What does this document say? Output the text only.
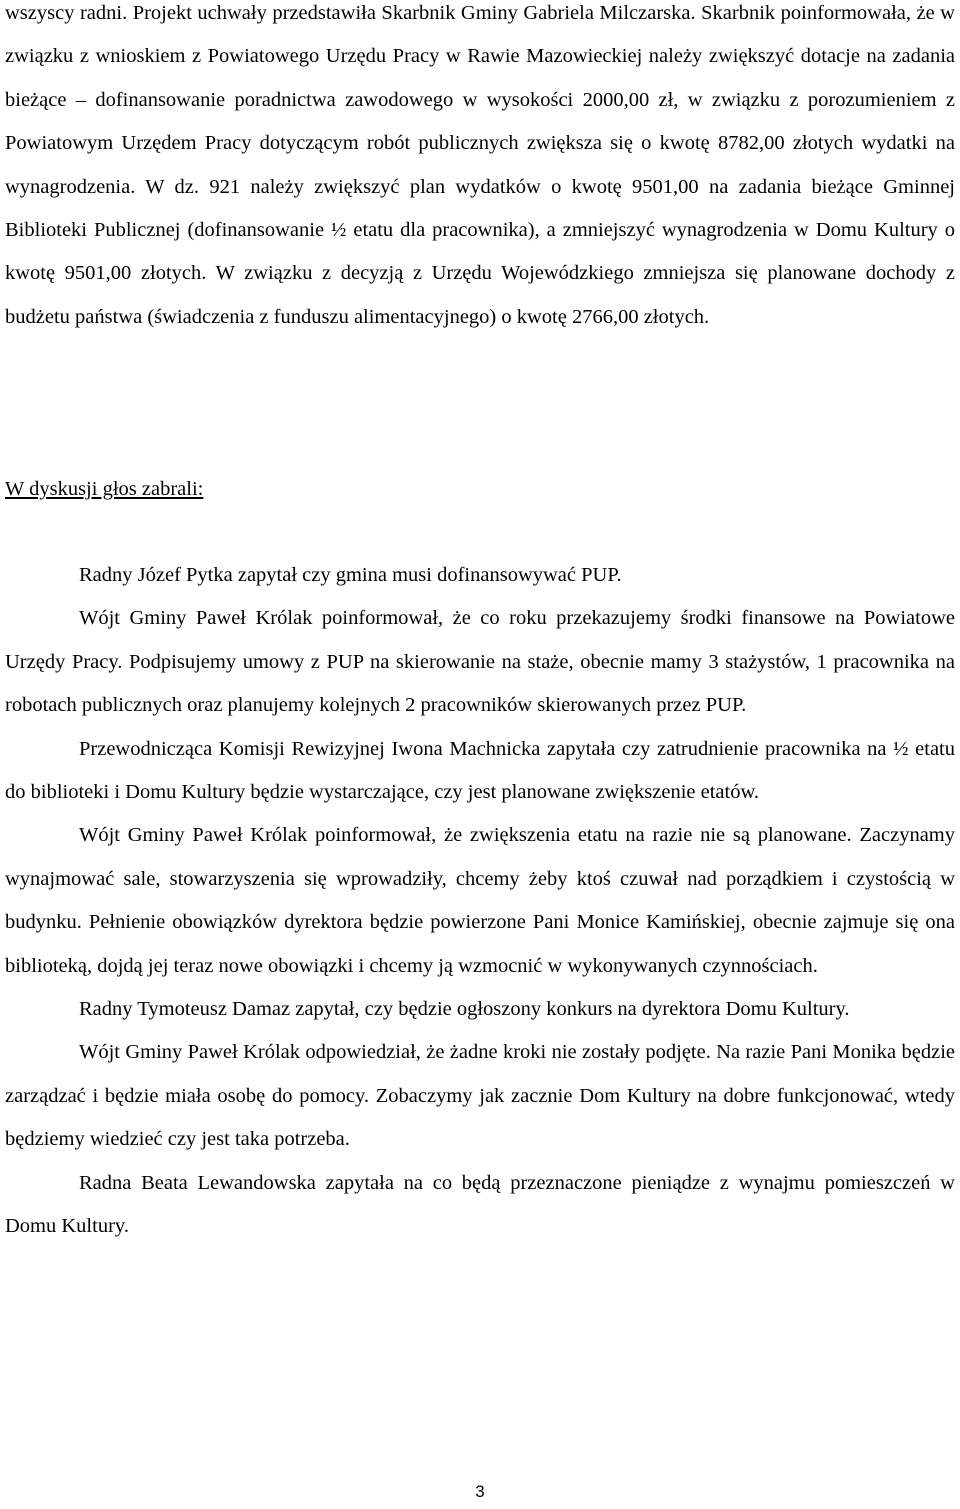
wszyscy radni. Projekt uchwały przedstawiła Skarbnik Gminy Gabriela Milczarska. Skarbnik poinformowała, że w związku z wnioskiem z Powiatowego Urzędu Pracy w Rawie Mazowieckiej należy zwiększyć dotacje na zadania bieżące – dofinansowanie poradnictwa zawodowego w wysokości 2000,00 zł, w związku z porozumieniem z Powiatowym Urzędem Pracy dotyczącym robót publicznych zwiększa się o kwotę 8782,00 złotych wydatki na wynagrodzenia. W dz. 921 należy zwiększyć plan wydatków o kwotę 9501,00 na zadania bieżące Gminnej Biblioteki Publicznej (dofinansowanie ½ etatu dla pracownika), a zmniejszyć wynagrodzenia w Domu Kultury o kwotę 9501,00 złotych. W związku z decyzją z Urzędu Wojewódzkiego zmniejsza się planowane dochody z budżetu państwa (świadczenia z funduszu alimentacyjnego) o kwotę 2766,00 złotych.

W dyskusji głos zabrali:

Radny Józef Pytka zapytał czy gmina musi dofinansowywać PUP.

Wójt Gminy Paweł Królak poinformował, że co roku przekazujemy środki finansowe na Powiatowe Urzędy Pracy. Podpisujemy umowy z PUP na skierowanie na staże, obecnie mamy 3 stażystów, 1 pracownika na robotach publicznych oraz planujemy kolejnych 2 pracowników skierowanych przez PUP.

Przewodnicząca Komisji Rewizyjnej Iwona Machnicka zapytała czy zatrudnienie pracownika na ½ etatu do biblioteki i Domu Kultury będzie wystarczające, czy jest planowane zwiększenie etatów.

Wójt Gminy Paweł Królak poinformował, że zwiększenia etatu na razie nie są planowane. Zaczynamy wynajmować sale, stowarzyszenia się wprowadziły, chcemy żeby ktoś czuwał nad porządkiem i czystością w budynku. Pełnienie obowiązków dyrektora będzie powierzone Pani Monice Kamińskiej, obecnie zajmuje się ona biblioteką, dojdą jej teraz nowe obowiązki i chcemy ją wzmocnić w wykonywanych czynnościach.

Radny Tymoteusz Damaz zapytał, czy będzie ogłoszony konkurs na dyrektora Domu Kultury.

Wójt Gminy Paweł Królak odpowiedział, że żadne kroki nie zostały podjęte. Na razie Pani Monika będzie zarządzać i będzie miała osobę do pomocy. Zobaczymy jak zacznie Dom Kultury na dobre funkcjonować, wtedy będziemy wiedzieć czy jest taka potrzeba.

Radna Beata Lewandowska zapytała na co będą przeznaczone pieniądze z wynajmu pomieszczeń w Domu Kultury.

3
